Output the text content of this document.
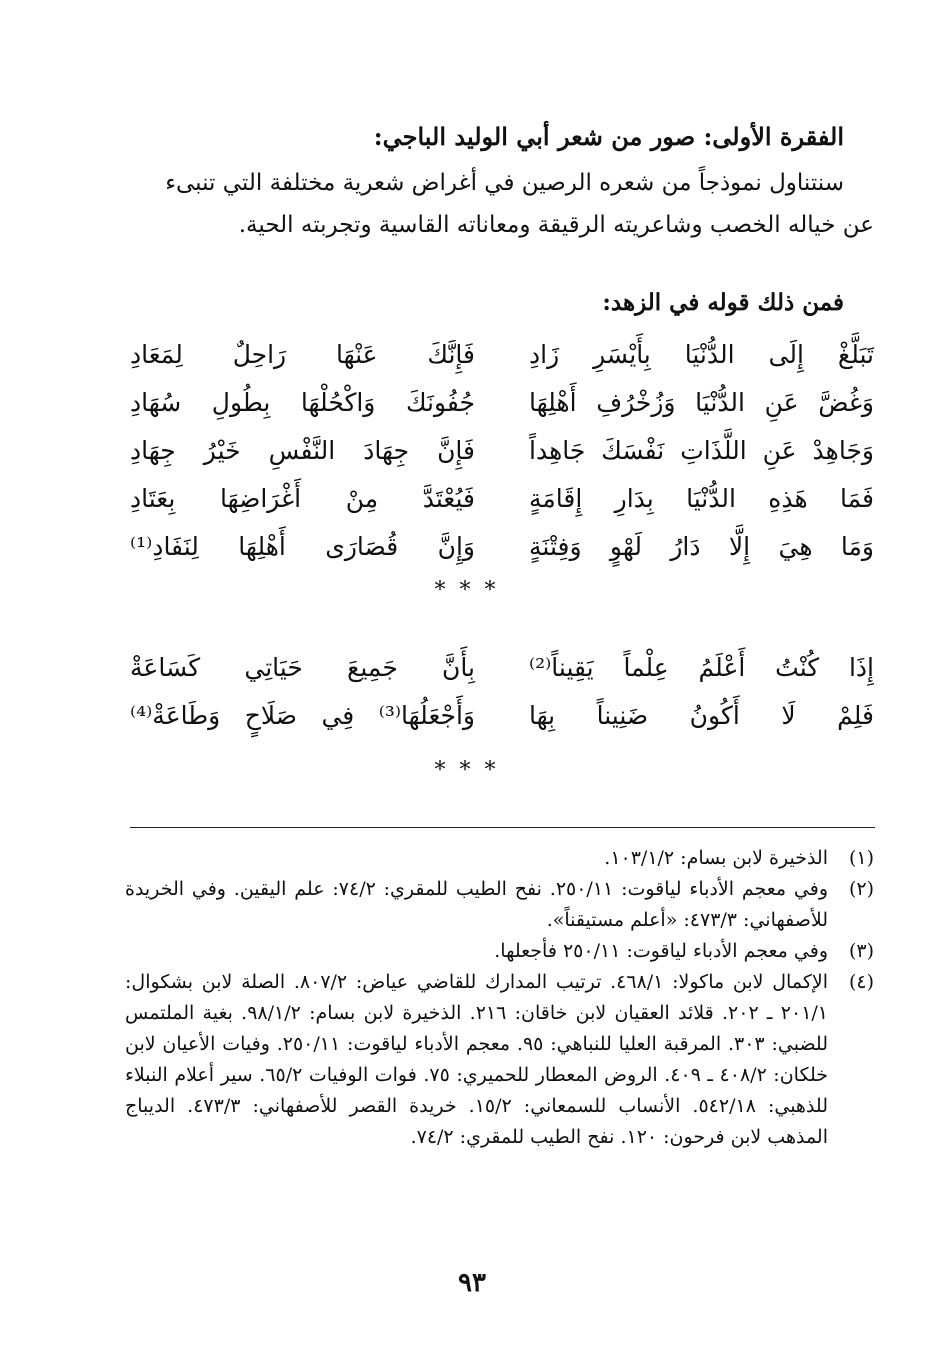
الفقرة الأولى: صور من شعر أبي الوليد الباجي:

سنتناول نموذجاً من شعره الرصين في أغراض شعرية مختلفة التي تنبىء

عن خياله الخصب وشاعريته الرقيقة ومعاناته القاسية وتجربته الحية.

فمن ذلك قوله في الزهد:
تَبَلَّغْ إِلَى الدُّنْيَا بِأَيْسَرِ زَادِ
فَإِنَّكَ عَنْهَا رَاحِلٌ لِمَعَادِ
وَغُضَّ عَنِ الدُّنْيَا وَزُخْرُفِ أَهْلِهَا
جُفُونَكَ وَاكْحُلْهَا بِطُولِ سُهَادِ
وَجَاهِدْ عَنِ اللَّذَاتِ نَفْسَكَ جَاهِداً
فَإِنَّ جِهَادَ النَّفْسِ خَيْرُ جِهَادِ
فَمَا هَذِهِ الدُّنْيَا بِدَارِ إِقَامَةٍ
فَيُعْتَدَّ مِنْ أَغْرَاضِهَا بِعَتَادِ
وَمَا هِيَ إِلَّا دَارُ لَهْوٍ وَفِتْنَةٍ
وَإِنَّ قُصَارَى أَهْلِهَا لِنَفَادِ⁽¹⁾
***
إِذَا كُنْتُ أَعْلَمُ عِلْماً يَقِيناً⁽²⁾
بِأَنَّ جَمِيعَ حَيَاتِي كَسَاعَةْ
فَلِمْ لَا أَكُونُ ضَنِيناً بِهَا
وَأَجْعَلُهَا⁽³⁾ فِي صَلَاحٍ وَطَاعَةْ⁽⁴⁾
***
(١)
الذخيرة لابن بسام: ١٠٣/١/٢.
(٢)
وفي معجم الأدباء لياقوت: ٢٥٠/١١. نفح الطيب للمقري: ٧٤/٢: علم اليقين. وفي الخريدة للأصفهاني: ٤٧٣/٣: «أعلم مستيقناً».
(٣)
وفي معجم الأدباء لياقوت: ٢٥٠/١١ فأجعلها.
(٤)
الإكمال لابن ماكولا: ٤٦٨/١. ترتيب المدارك للقاضي عياض: ٨٠٧/٢. الصلة لابن بشكوال: ٢٠١/١ ـ ٢٠٢. قلائد العقيان لابن خاقان: ٢١٦. الذخيرة لابن بسام: ٩٨/١/٢. بغية الملتمس للضبي: ٣٠٣. المرقبة العليا للنباهي: ٩٥. معجم الأدباء لياقوت: ٢٥٠/١١. وفيات الأعيان لابن خلكان: ٤٠٨/٢ ـ ٤٠٩. الروض المعطار للحميري: ٧٥. فوات الوفيات ٦٥/٢. سير أعلام النبلاء للذهبي: ٥٤٢/١٨. الأنساب للسمعاني: ١٥/٢. خريدة القصر للأصفهاني: ٤٧٣/٣. الديباج المذهب لابن فرحون: ١٢٠. نفح الطيب للمقري: ٧٤/٢.
٩٣
